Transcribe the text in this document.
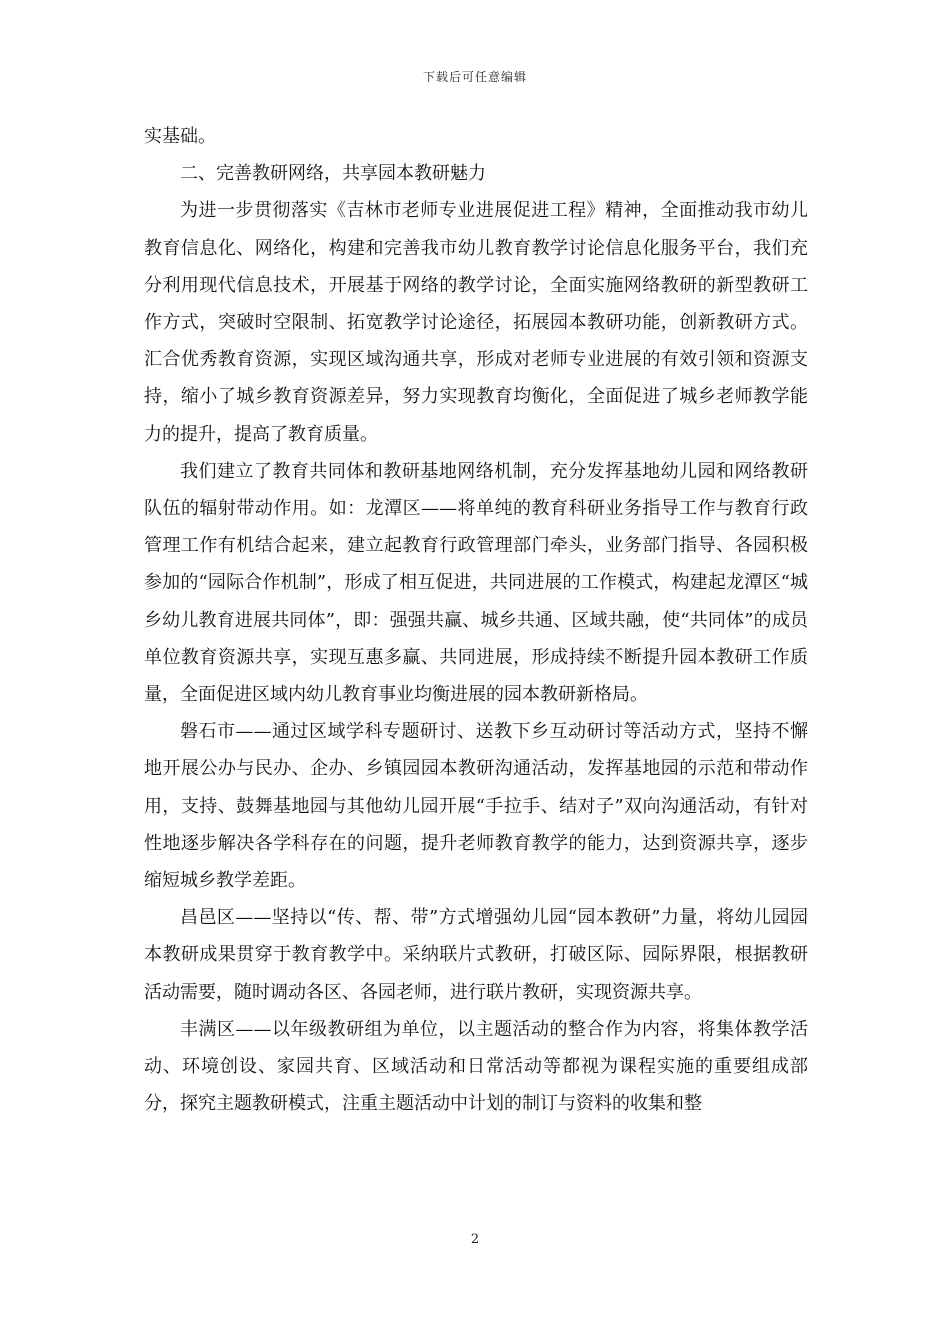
下载后可任意编辑

实基础。

二、完善教研网络，共享园本教研魅力

为进一步贯彻落实《吉林市老师专业进展促进工程》精神，全面推动我市幼儿教育信息化、网络化，构建和完善我市幼儿教育教学讨论信息化服务平台，我们充分利用现代信息技术，开展基于网络的教学讨论，全面实施网络教研的新型教研工作方式，突破时空限制、拓宽教学讨论途径，拓展园本教研功能，创新教研方式。汇合优秀教育资源，实现区域沟通共享，形成对老师专业进展的有效引领和资源支持，缩小了城乡教育资源差异，努力实现教育均衡化，全面促进了城乡老师教学能力的提升，提高了教育质量。

我们建立了教育共同体和教研基地网络机制，充分发挥基地幼儿园和网络教研队伍的辐射带动作用。如：龙潭区——将单纯的教育科研业务指导工作与教育行政管理工作有机结合起来，建立起教育行政管理部门牵头，业务部门指导、各园积极参加的“园际合作机制”，形成了相互促进，共同进展的工作模式，构建起龙潭区“城乡幼儿教育进展共同体”，即：强强共赢、城乡共通、区域共融，使“共同体”的成员单位教育资源共享，实现互惠多赢、共同进展，形成持续不断提升园本教研工作质量，全面促进区域内幼儿教育事业均衡进展的园本教研新格局。

磐石市——通过区域学科专题研讨、送教下乡互动研讨等活动方式，坚持不懈地开展公办与民办、企办、乡镇园园本教研沟通活动，发挥基地园的示范和带动作用，支持、鼓舞基地园与其他幼儿园开展“手拉手、结对子”双向沟通活动，有针对性地逐步解决各学科存在的问题，提升老师教育教学的能力，达到资源共享，逐步缩短城乡教学差距。

昌邑区——坚持以“传、帮、带”方式增强幼儿园“园本教研”力量，将幼儿园园本教研成果贯穿于教育教学中。采纳联片式教研，打破区际、园际界限，根据教研活动需要，随时调动各区、各园老师，进行联片教研，实现资源共享。

丰满区——以年级教研组为单位，以主题活动的整合作为内容，将集体教学活动、环境创设、家园共育、区域活动和日常活动等都视为课程实施的重要组成部分，探究主题教研模式，注重主题活动中计划的制订与资料的收集和整

2
